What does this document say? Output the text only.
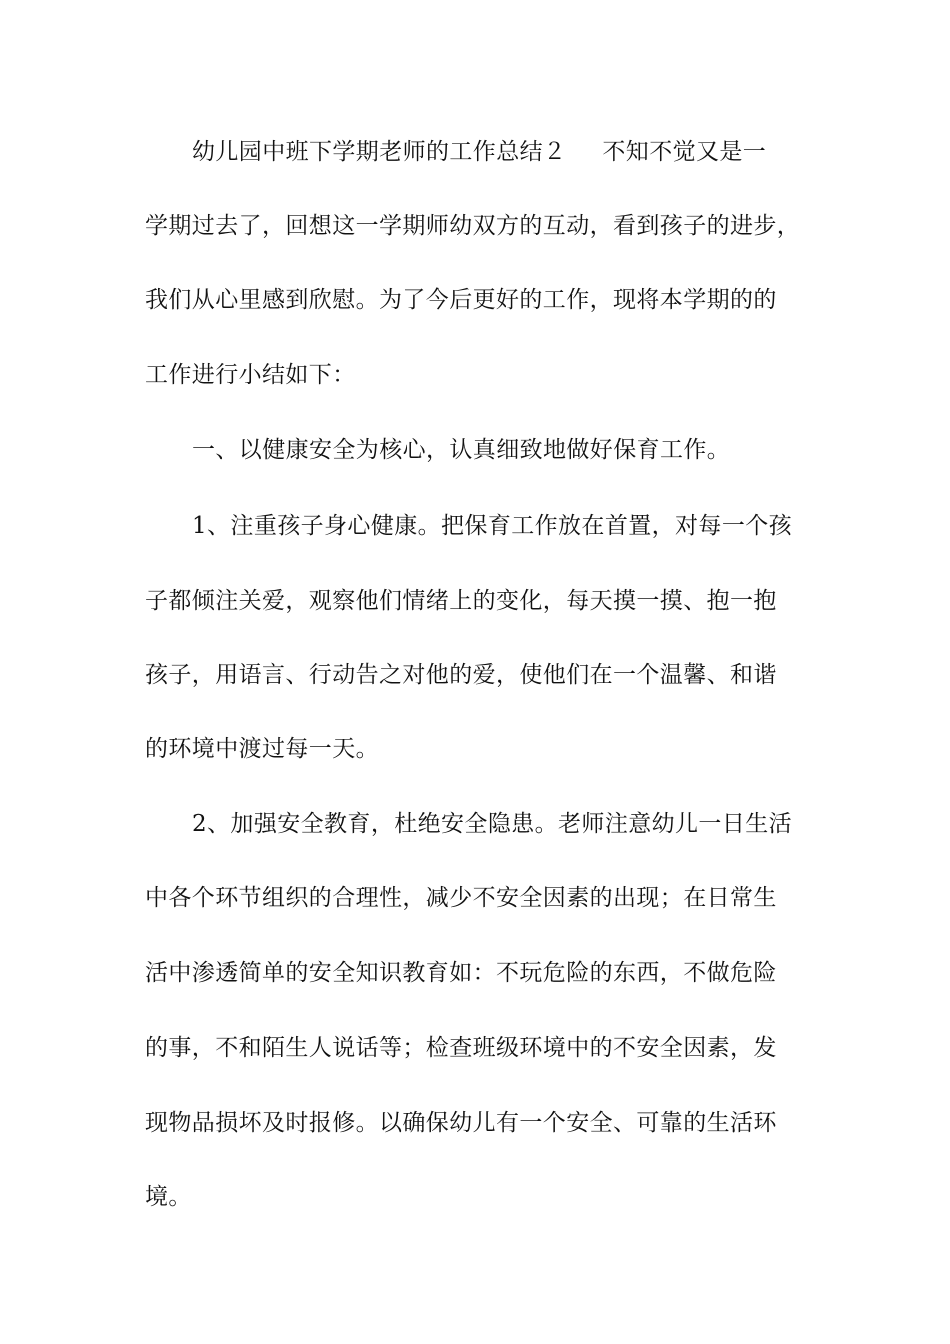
幼儿园中班下学期老师的工作总结２ 不知不觉又是一
学期过去了，回想这一学期师幼双方的互动，看到孩子的进步，
我们从心里感到欣慰。为了今后更好的工作，现将本学期的的
工作进行小结如下：
一、以健康安全为核心，认真细致地做好保育工作。
1、注重孩子身心健康。把保育工作放在首置，对每一个孩
子都倾注关爱，观察他们情绪上的变化，每天摸一摸、抱一抱
孩子，用语言、行动告之对他的爱，使他们在一个温馨、和谐
的环境中渡过每一天。
2、加强安全教育，杜绝安全隐患。老师注意幼儿一日生活
中各个环节组织的合理性，减少不安全因素的出现；在日常生
活中渗透简单的安全知识教育如：不玩危险的东西，不做危险
的事，不和陌生人说话等；检查班级环境中的不安全因素，发
现物品损坏及时报修。以确保幼儿有一个安全、可靠的生活环
境。
